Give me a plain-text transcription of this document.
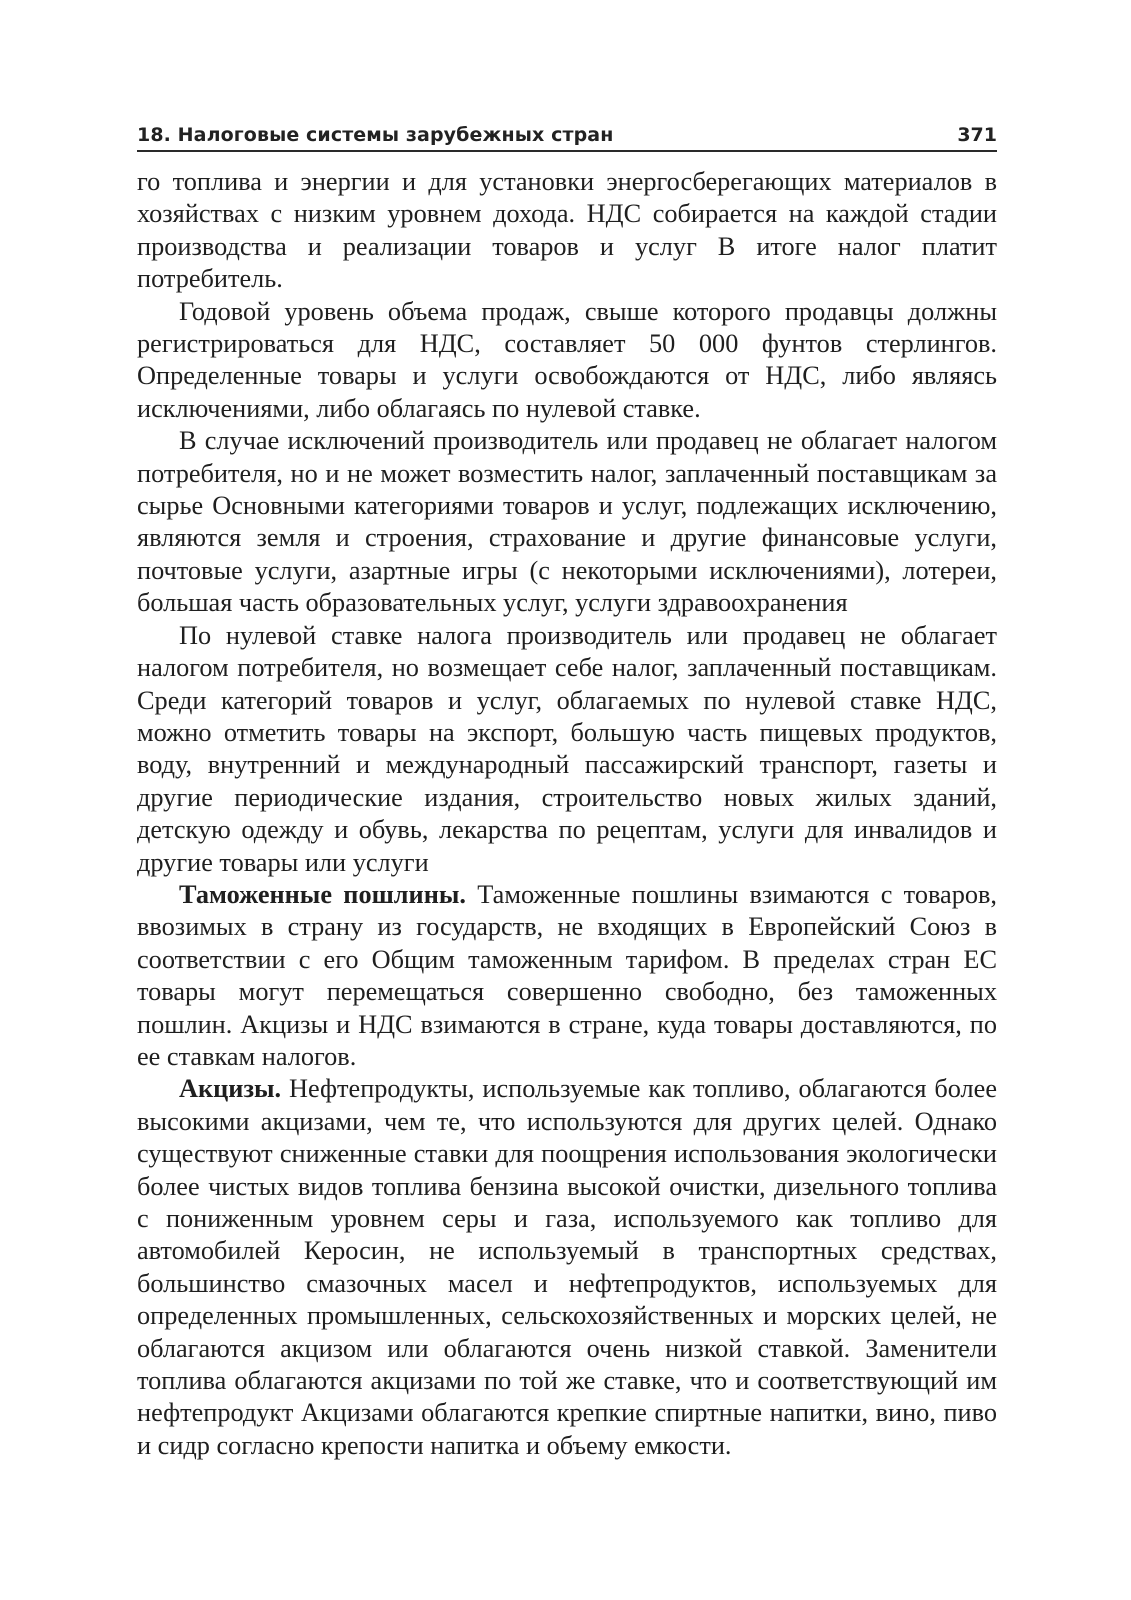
18. Налоговые системы зарубежных стран	371

го топлива и энергии и для установки энергосберегающих материалов в хозяйствах с низким уровнем дохода. НДС собирается на каждой стадии производства и реализации товаров и услуг В итоге налог платит потребитель.

Годовой уровень объема продаж, свыше которого продавцы должны регистрироваться для НДС, составляет 50 000 фунтов стерлингов. Определенные товары и услуги освобождаются от НДС, либо являясь исключениями, либо облагаясь по нулевой ставке.

В случае исключений производитель или продавец не облагает налогом потребителя, но и не может возместить налог, заплаченный поставщикам за сырье Основными категориями товаров и услуг, подлежащих исключению, являются земля и строения, страхование и другие финансовые услуги, почтовые услуги, азартные игры (с некоторыми исключениями), лотереи, большая часть образовательных услуг, услуги здравоохранения

По нулевой ставке налога производитель или продавец не облагает налогом потребителя, но возмещает себе налог, заплаченный поставщикам. Среди категорий товаров и услуг, облагаемых по нулевой ставке НДС, можно отметить товары на экспорт, большую часть пищевых продуктов, воду, внутренний и международный пассажирский транспорт, газеты и другие периодические издания, строительство новых жилых зданий, детскую одежду и обувь, лекарства по рецептам, услуги для инвалидов и другие товары или услуги

Таможенные пошлины. Таможенные пошлины взимаются с товаров, ввозимых в страну из государств, не входящих в Европейский Союз в соответствии с его Общим таможенным тарифом. В пределах стран ЕС товары могут перемещаться совершенно свободно, без таможенных пошлин. Акцизы и НДС взимаются в стране, куда товары доставляются, по ее ставкам налогов.

Акцизы. Нефтепродукты, используемые как топливо, облагаются более высокими акцизами, чем те, что используются для других целей. Однако существуют сниженные ставки для поощрения использования экологически более чистых видов топлива бензина высокой очистки, дизельного топлива с пониженным уровнем серы и газа, используемого как топливо для автомобилей Керосин, не используемый в транспортных средствах, большинство смазочных масел и нефтепродуктов, используемых для определенных промышленных, сельскохозяйственных и морских целей, не облагаются акцизом или облагаются очень низкой ставкой. Заменители топлива облагаются акцизами по той же ставке, что и соответствующий им нефтепродукт Акцизами облагаются крепкие спиртные напитки, вино, пиво и сидр согласно крепости напитка и объему емкости.
